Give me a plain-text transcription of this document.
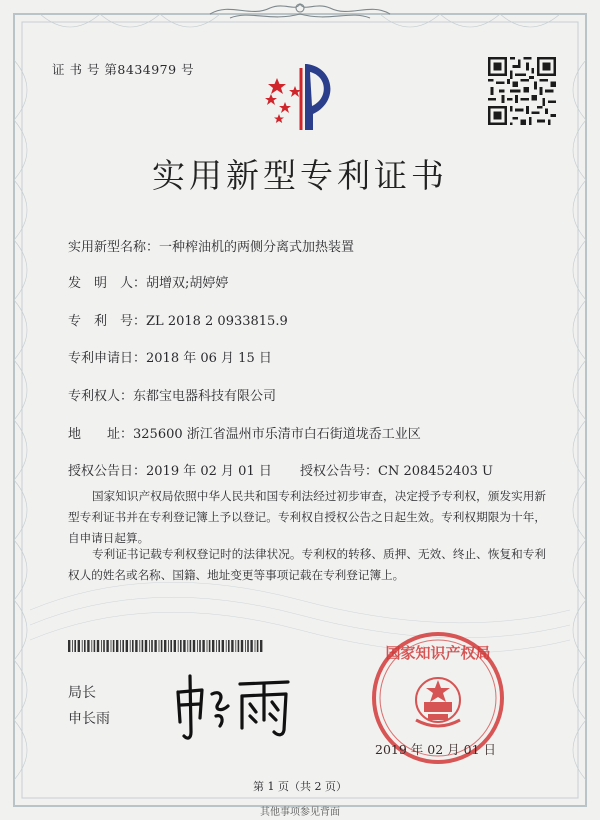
证 书 号 第8434979 号
实用新型专利证书
实用新型名称：一种榨油机的两侧分离式加热装置
发　明　人：胡增双;胡婷婷
专　利　号：ZL 2018 2 0933815.9
专利申请日：2018 年 06 月 15 日
专利权人：东都宝电器科技有限公司
地　　址：325600 浙江省温州市乐清市白石街道垅岙工业区
授权公告日：2019 年 02 月 01 日 授权公告号：CN 208452403 U
国家知识产权局依照中华人民共和国专利法经过初步审查，决定授予专利权，颁发实用新型专利证书并在专利登记簿上予以登记。专利权自授权公告之日起生效。专利权期限为十年，自申请日起算。
专利证书记载专利权登记时的法律状况。专利权的转移、质押、无效、终止、恢复和专利权人的姓名或名称、国籍、地址变更等事项记载在专利登记簿上。
局长
申长雨
国家知识产权局
2019 年 02 月 01 日
第 1 页（共 2 页）
其他事项参见背面
